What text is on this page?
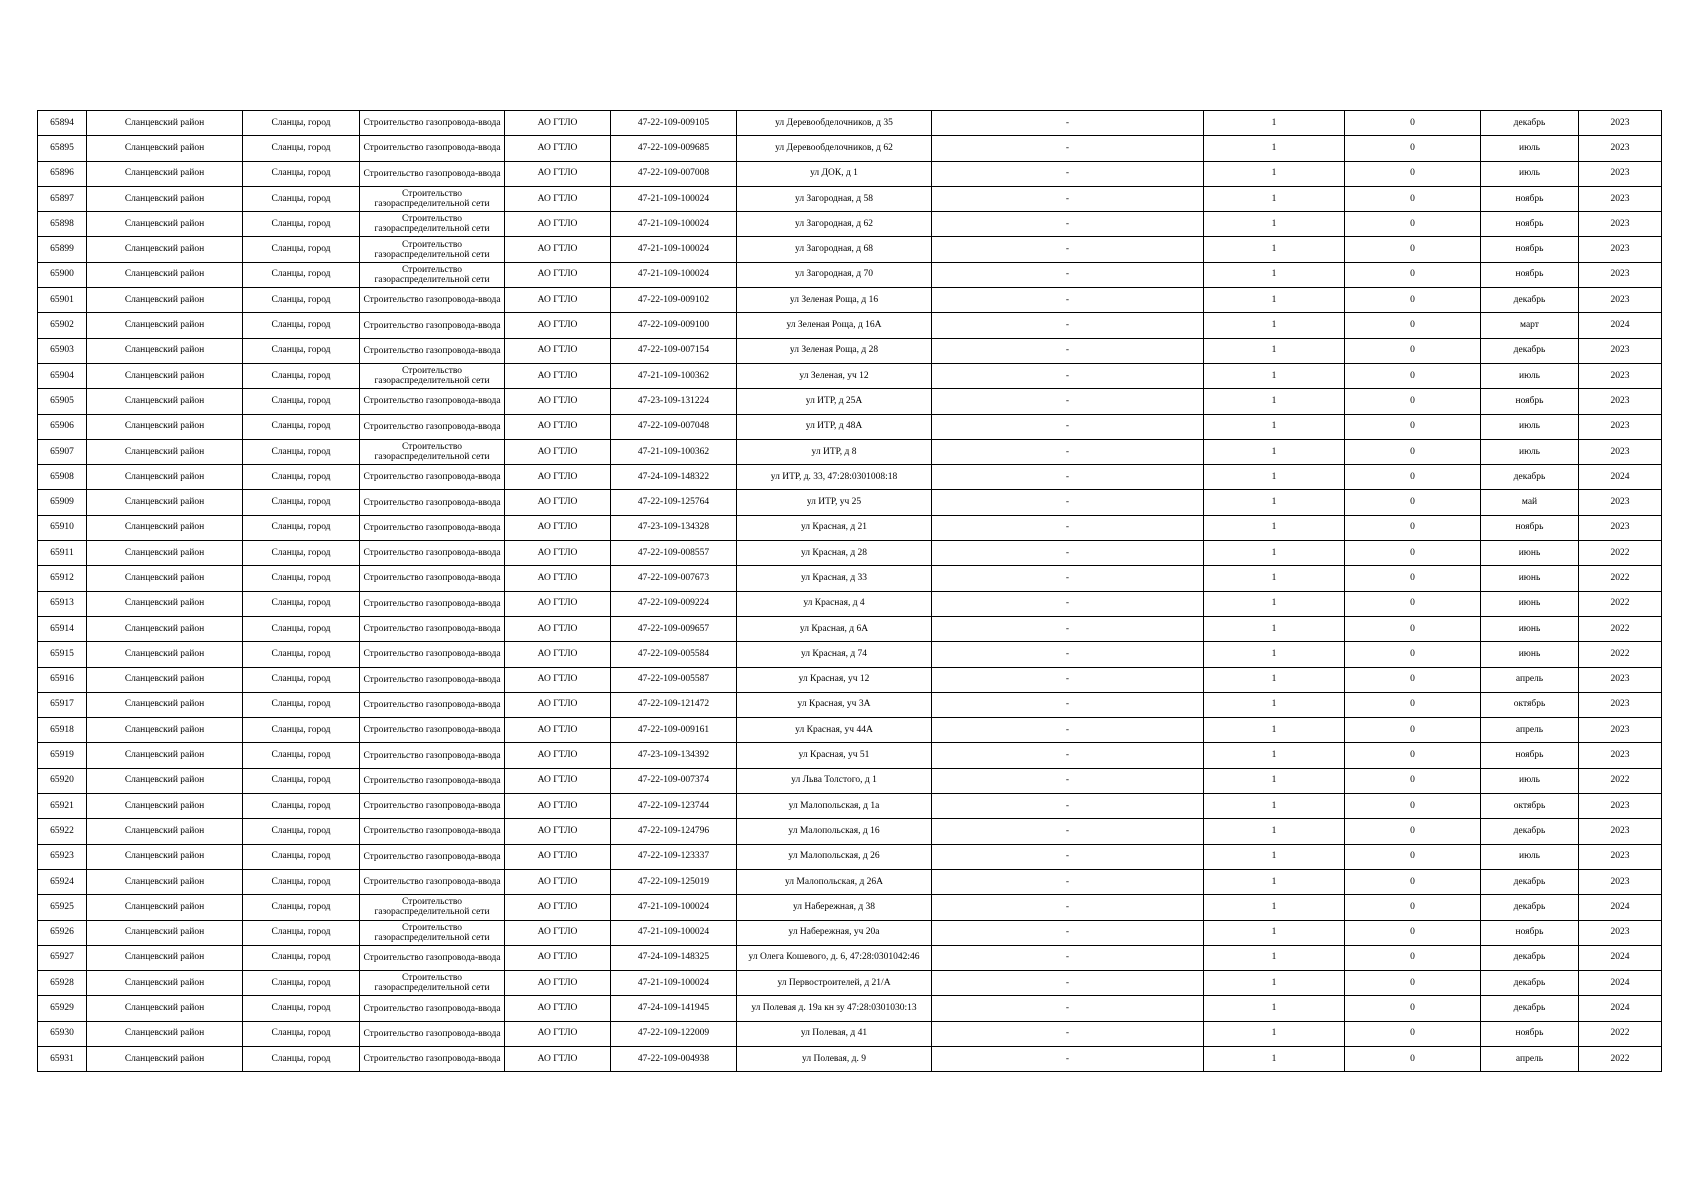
65894	Сланцевский район	Сланцы, город	Строительство газопровода-ввода	АО ГТЛО	47-22-109-009105	ул Деревообделочников, д 35	-	1	0	декабрь	2023
65895	Сланцевский район	Сланцы, город	Строительство газопровода-ввода	АО ГТЛО	47-22-109-009685	ул Деревообделочников, д 62	-	1	0	июль	2023
65896	Сланцевский район	Сланцы, город	Строительство газопровода-ввода	АО ГТЛО	47-22-109-007008	ул ДОК, д 1	-	1	0	июль	2023
65897	Сланцевский район	Сланцы, город	Строительство газораспределительной сети	АО ГТЛО	47-21-109-100024	ул Загородная, д 58	-	1	0	ноябрь	2023
65898	Сланцевский район	Сланцы, город	Строительство газораспределительной сети	АО ГТЛО	47-21-109-100024	ул Загородная, д 62	-	1	0	ноябрь	2023
65899	Сланцевский район	Сланцы, город	Строительство газораспределительной сети	АО ГТЛО	47-21-109-100024	ул Загородная, д 68	-	1	0	ноябрь	2023
65900	Сланцевский район	Сланцы, город	Строительство газораспределительной сети	АО ГТЛО	47-21-109-100024	ул Загородная, д 70	-	1	0	ноябрь	2023
65901	Сланцевский район	Сланцы, город	Строительство газопровода-ввода	АО ГТЛО	47-22-109-009102	ул Зеленая Роща, д 16	-	1	0	декабрь	2023
65902	Сланцевский район	Сланцы, город	Строительство газопровода-ввода	АО ГТЛО	47-22-109-009100	ул Зеленая Роща, д 16А	-	1	0	март	2024
65903	Сланцевский район	Сланцы, город	Строительство газопровода-ввода	АО ГТЛО	47-22-109-007154	ул Зеленая Роща, д 28	-	1	0	декабрь	2023
65904	Сланцевский район	Сланцы, город	Строительство газораспределительной сети	АО ГТЛО	47-21-109-100362	ул Зеленая, уч 12	-	1	0	июль	2023
65905	Сланцевский район	Сланцы, город	Строительство газопровода-ввода	АО ГТЛО	47-23-109-131224	ул ИТР, д 25А	-	1	0	ноябрь	2023
65906	Сланцевский район	Сланцы, город	Строительство газопровода-ввода	АО ГТЛО	47-22-109-007048	ул ИТР, д 48А	-	1	0	июль	2023
65907	Сланцевский район	Сланцы, город	Строительство газораспределительной сети	АО ГТЛО	47-21-109-100362	ул ИТР, д 8	-	1	0	июль	2023
65908	Сланцевский район	Сланцы, город	Строительство газопровода-ввода	АО ГТЛО	47-24-109-148322	ул ИТР, д. 33, 47:28:0301008:18	-	1	0	декабрь	2024
65909	Сланцевский район	Сланцы, город	Строительство газопровода-ввода	АО ГТЛО	47-22-109-125764	ул ИТР, уч 25	-	1	0	май	2023
65910	Сланцевский район	Сланцы, город	Строительство газопровода-ввода	АО ГТЛО	47-23-109-134328	ул Красная, д 21	-	1	0	ноябрь	2023
65911	Сланцевский район	Сланцы, город	Строительство газопровода-ввода	АО ГТЛО	47-22-109-008557	ул Красная, д 28	-	1	0	июнь	2022
65912	Сланцевский район	Сланцы, город	Строительство газопровода-ввода	АО ГТЛО	47-22-109-007673	ул Красная, д 33	-	1	0	июнь	2022
65913	Сланцевский район	Сланцы, город	Строительство газопровода-ввода	АО ГТЛО	47-22-109-009224	ул Красная, д 4	-	1	0	июнь	2022
65914	Сланцевский район	Сланцы, город	Строительство газопровода-ввода	АО ГТЛО	47-22-109-009657	ул Красная, д 6А	-	1	0	июнь	2022
65915	Сланцевский район	Сланцы, город	Строительство газопровода-ввода	АО ГТЛО	47-22-109-005584	ул Красная, д 74	-	1	0	июнь	2022
65916	Сланцевский район	Сланцы, город	Строительство газопровода-ввода	АО ГТЛО	47-22-109-005587	ул Красная, уч 12	-	1	0	апрель	2023
65917	Сланцевский район	Сланцы, город	Строительство газопровода-ввода	АО ГТЛО	47-22-109-121472	ул Красная, уч 3А	-	1	0	октябрь	2023
65918	Сланцевский район	Сланцы, город	Строительство газопровода-ввода	АО ГТЛО	47-22-109-009161	ул Красная, уч 44А	-	1	0	апрель	2023
65919	Сланцевский район	Сланцы, город	Строительство газопровода-ввода	АО ГТЛО	47-23-109-134392	ул Красная, уч 51	-	1	0	ноябрь	2023
65920	Сланцевский район	Сланцы, город	Строительство газопровода-ввода	АО ГТЛО	47-22-109-007374	ул Льва Толстого, д 1	-	1	0	июль	2022
65921	Сланцевский район	Сланцы, город	Строительство газопровода-ввода	АО ГТЛО	47-22-109-123744	ул Малопольская, д 1а	-	1	0	октябрь	2023
65922	Сланцевский район	Сланцы, город	Строительство газопровода-ввода	АО ГТЛО	47-22-109-124796	ул Малопольская, д 16	-	1	0	декабрь	2023
65923	Сланцевский район	Сланцы, город	Строительство газопровода-ввода	АО ГТЛО	47-22-109-123337	ул Малопольская, д 26	-	1	0	июль	2023
65924	Сланцевский район	Сланцы, город	Строительство газопровода-ввода	АО ГТЛО	47-22-109-125019	ул Малопольская, д 26А	-	1	0	декабрь	2023
65925	Сланцевский район	Сланцы, город	Строительство газораспределительной сети	АО ГТЛО	47-21-109-100024	ул Набережная, д 38	-	1	0	декабрь	2024
65926	Сланцевский район	Сланцы, город	Строительство газораспределительной сети	АО ГТЛО	47-21-109-100024	ул Набережная, уч 20а	-	1	0	ноябрь	2023
65927	Сланцевский район	Сланцы, город	Строительство газопровода-ввода	АО ГТЛО	47-24-109-148325	ул Олега Кошевого, д. 6, 47:28:0301042:46	-	1	0	декабрь	2024
65928	Сланцевский район	Сланцы, город	Строительство газораспределительной сети	АО ГТЛО	47-21-109-100024	ул Первостроителей, д 21/А	-	1	0	декабрь	2024
65929	Сланцевский район	Сланцы, город	Строительство газопровода-ввода	АО ГТЛО	47-24-109-141945	ул Полевая д. 19а кн зу 47:28:0301030:13	-	1	0	декабрь	2024
65930	Сланцевский район	Сланцы, город	Строительство газопровода-ввода	АО ГТЛО	47-22-109-122009	ул Полевая, д 41	-	1	0	ноябрь	2022
65931	Сланцевский район	Сланцы, город	Строительство газопровода-ввода	АО ГТЛО	47-22-109-004938	ул Полевая, д. 9	-	1	0	апрель	2022
